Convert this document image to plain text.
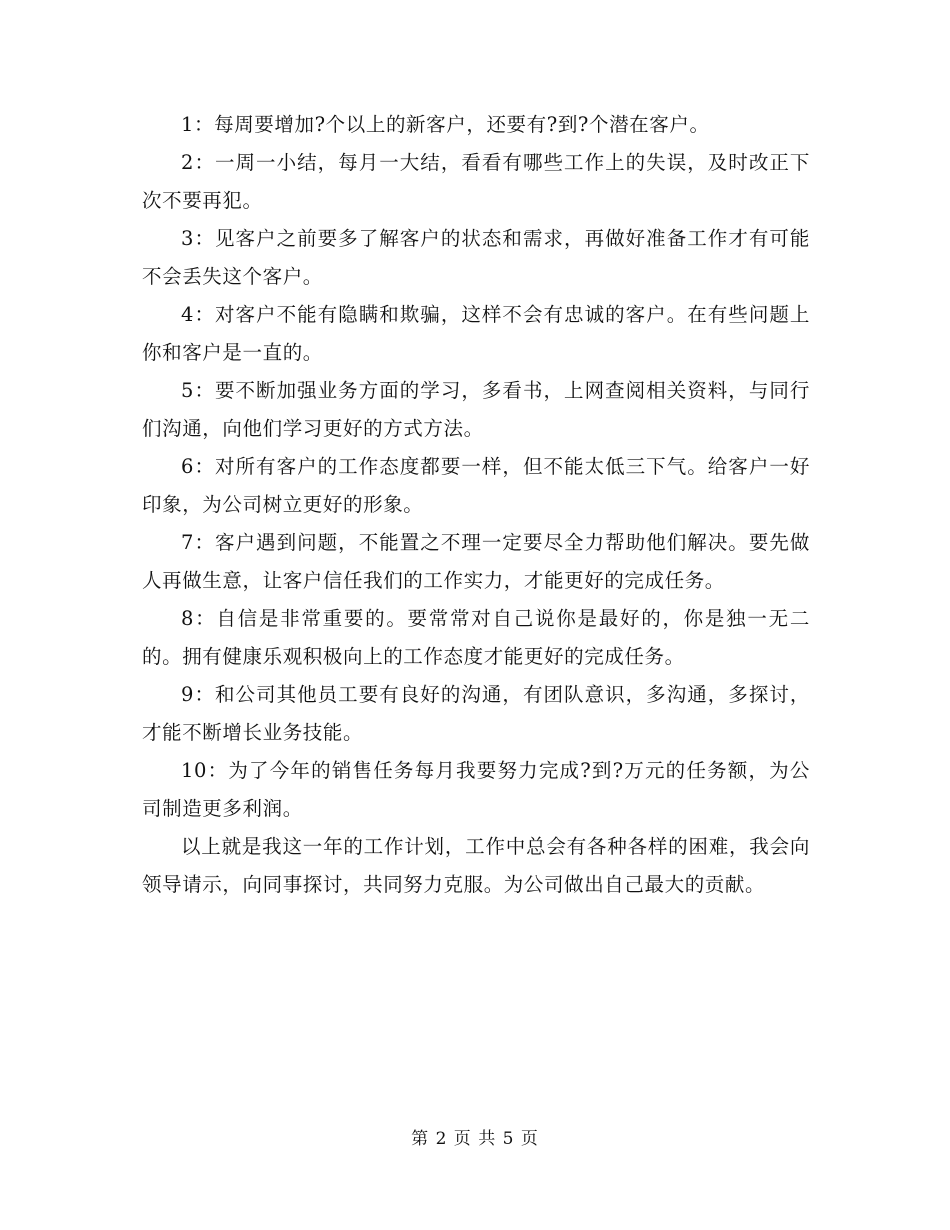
1：每周要增加?个以上的新客户，还要有?到?个潜在客户。

2：一周一小结，每月一大结，看看有哪些工作上的失误，及时改正下次不要再犯。

3：见客户之前要多了解客户的状态和需求，再做好准备工作才有可能不会丢失这个客户。

4：对客户不能有隐瞒和欺骗，这样不会有忠诚的客户。在有些问题上你和客户是一直的。

5：要不断加强业务方面的学习，多看书，上网查阅相关资料，与同行们沟通，向他们学习更好的方式方法。

6：对所有客户的工作态度都要一样，但不能太低三下气。给客户一好印象，为公司树立更好的形象。

7：客户遇到问题，不能置之不理一定要尽全力帮助他们解决。要先做人再做生意，让客户信任我们的工作实力，才能更好的完成任务。

8：自信是非常重要的。要常常对自己说你是最好的，你是独一无二的。拥有健康乐观积极向上的工作态度才能更好的完成任务。

9：和公司其他员工要有良好的沟通，有团队意识，多沟通，多探讨，才能不断增长业务技能。

10：为了今年的销售任务每月我要努力完成?到?万元的任务额，为公司制造更多利润。

以上就是我这一年的工作计划，工作中总会有各种各样的困难，我会向领导请示，向同事探讨，共同努力克服。为公司做出自己最大的贡献。

第 2 页 共 5 页
